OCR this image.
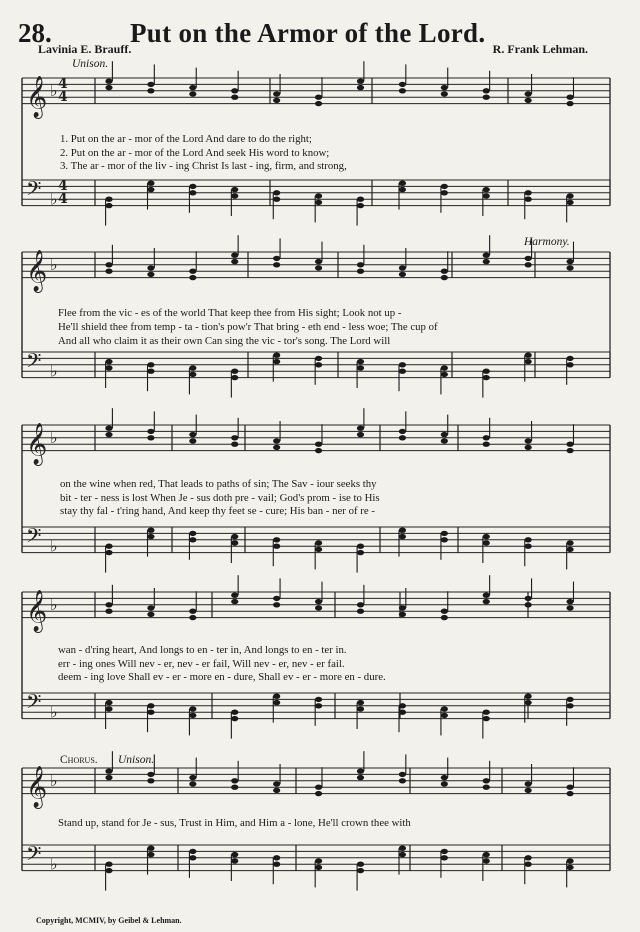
28.	Put on the Armor of the Lord.
Lavinia E. Brauff.	R. Frank Lehman.
Unison.
Harmony.
Chorus. Unison.
1. Put on the ar - mor of the Lord And dare to do the right;
2. Put on the ar - mor of the Lord And seek His word to know;
3. The ar - mor of the liv - ing Christ Is last - ing, firm, and strong,
Flee from the vic - es of the world That keep thee from His sight; Look not up -
He'll shield thee from temp - ta - tion's pow'r That bring - eth end - less woe; The cup of
And all who claim it as their own Can sing the vic - tor's song. The Lord will
on the wine when red, That leads to paths of sin; The Sav - iour seeks thy
bit - ter - ness is lost When Je - sus doth pre - vail; God's prom - ise to His
stay thy fal - t'ring hand, And keep thy feet se - cure; His ban - ner of re -
wan - d'ring heart, And longs to en - ter in, And longs to en - ter in.
err - ing ones Will nev - er, nev - er fail, Will nev - er, nev - er fail.
deem - ing love Shall ev - er - more en - dure, Shall ev - er - more en - dure.
Stand up, stand for Je - sus, Trust in Him, and Him a - lone, He'll crown thee with
Copyright, MCMIV, by Geibel & Lehman.
𝄞 ♭
𝄢 ♭
𝄞 ♭
𝄢 ♭
𝄞 ♭
𝄢 ♭
𝄞 ♭
𝄢 ♭
𝄞 ♭
𝄢 ♭
4
4
4
4
